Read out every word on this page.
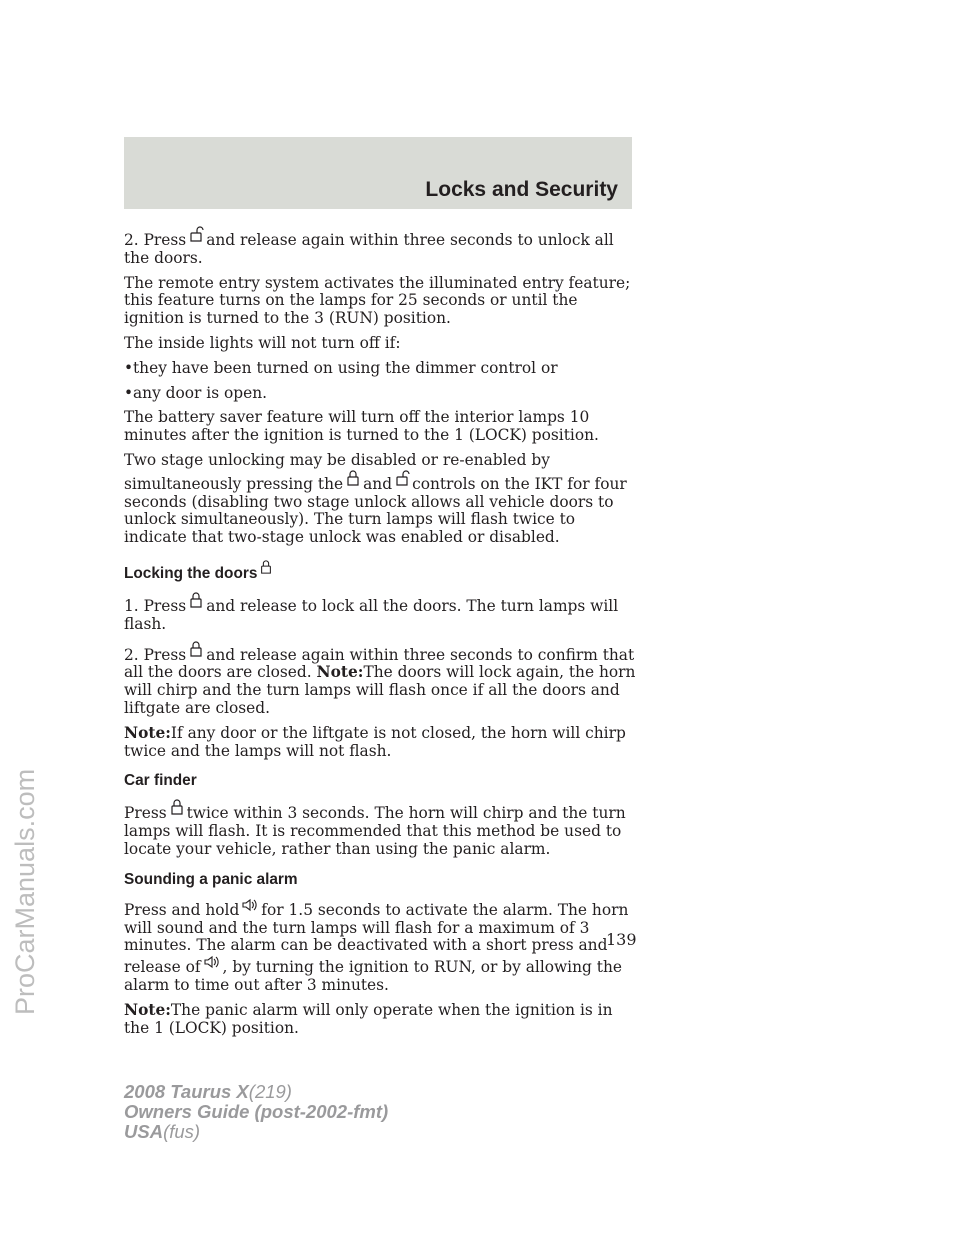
Locks and Security

2. Press and release again within three seconds to unlock all the doors.

The remote entry system activates the illuminated entry feature; this feature turns on the lamps for 25 seconds or until the ignition is turned to the 3 (RUN) position.

The inside lights will not turn off if:

• they have been turned on using the dimmer control or
• any door is open.

The battery saver feature will turn off the interior lamps 10 minutes after the ignition is turned to the 1 (LOCK) position.

Two stage unlocking may be disabled or re-enabled by simultaneously pressing the and controls on the IKT for four seconds (disabling two stage unlock allows all vehicle doors to unlock simultaneously). The turn lamps will flash twice to indicate that two-stage unlock was enabled or disabled.

Locking the doors

1. Press and release to lock all the doors. The turn lamps will flash.

2. Press and release again within three seconds to confirm that all the doors are closed. Note:The doors will lock again, the horn will chirp and the turn lamps will flash once if all the doors and liftgate are closed.

Note:If any door or the liftgate is not closed, the horn will chirp twice and the lamps will not flash.

Car finder

Press twice within 3 seconds. The horn will chirp and the turn lamps will flash. It is recommended that this method be used to locate your vehicle, rather than using the panic alarm.

Sounding a panic alarm

Press and hold for 1.5 seconds to activate the alarm. The horn will sound and the turn lamps will flash for a maximum of 3 minutes. The alarm can be deactivated with a short press and release of , by turning the ignition to RUN, or by allowing the alarm to time out after 3 minutes.

Note:The panic alarm will only operate when the ignition is in the 1 (LOCK) position.

139
2008 Taurus X(219)
Owners Guide (post-2002-fmt)
USA(fus)
ProCarManuals.com
